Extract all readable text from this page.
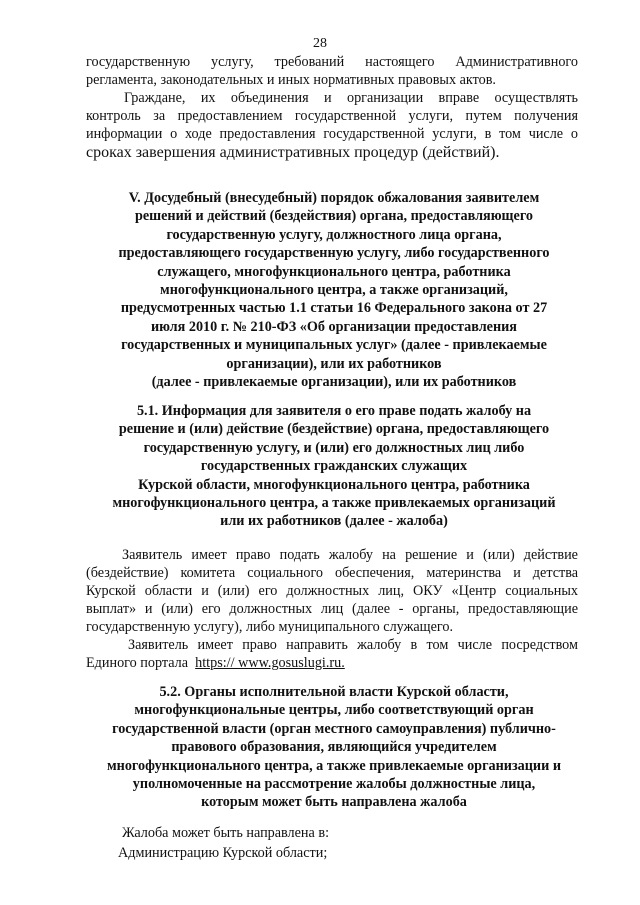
28

государственную услугу, требований настоящего Административного

регламента, законодательных и иных нормативных правовых актов.

Граждане, их объединения и организации вправе осуществлять

контроль за предоставлением государственной услуги, путем получения

информации о ходе предоставления государственной услуги, в том числе о

сроках завершения административных процедур (действий).

V. Досудебный (внесудебный) порядок обжалования заявителем

решений и действий (бездействия) органа, предоставляющего

государственную услугу, должностного лица органа,

предоставляющего государственную услугу, либо государственного

служащего, многофункционального центра, работника

многофункционального центра, а также организаций,

предусмотренных частью 1.1 статьи 16 Федерального закона от 27

июля 2010 г. № 210-ФЗ «Об организации предоставления

государственных и муниципальных услуг» (далее - привлекаемые

организации), или их работников

(далее - привлекаемые организации), или их работников

5.1. Информация для заявителя о его праве подать жалобу на

решение и (или) действие (бездействие) органа, предоставляющего

государственную услугу, и (или) его должностных лиц либо

государственных гражданских служащих

Курской области, многофункционального центра, работника

многофункционального центра, а также привлекаемых организаций

или их работников (далее - жалоба)

Заявитель имеет право подать жалобу на решение и (или) действие

(бездействие) комитета социального обеспечения, материнства и детства

Курской области и (или) его должностных лиц, ОКУ «Центр социальных

выплат» и (или) его должностных лиц (далее - органы, предоставляющие

государственную услугу), либо муниципального служащего.

Заявитель имеет право направить жалобу в том числе посредством

Единого портала  https:// www.gosuslugi.ru.

5.2. Органы исполнительной власти Курской области,

многофункциональные центры, либо соответствующий орган

государственной власти (орган местного самоуправления) публично-

правового образования, являющийся учредителем

многофункционального центра, а также привлекаемые организации и

уполномоченные на рассмотрение жалобы должностные лица,

которым может быть направлена жалоба

Жалоба может быть направлена в:

Администрацию Курской области;
